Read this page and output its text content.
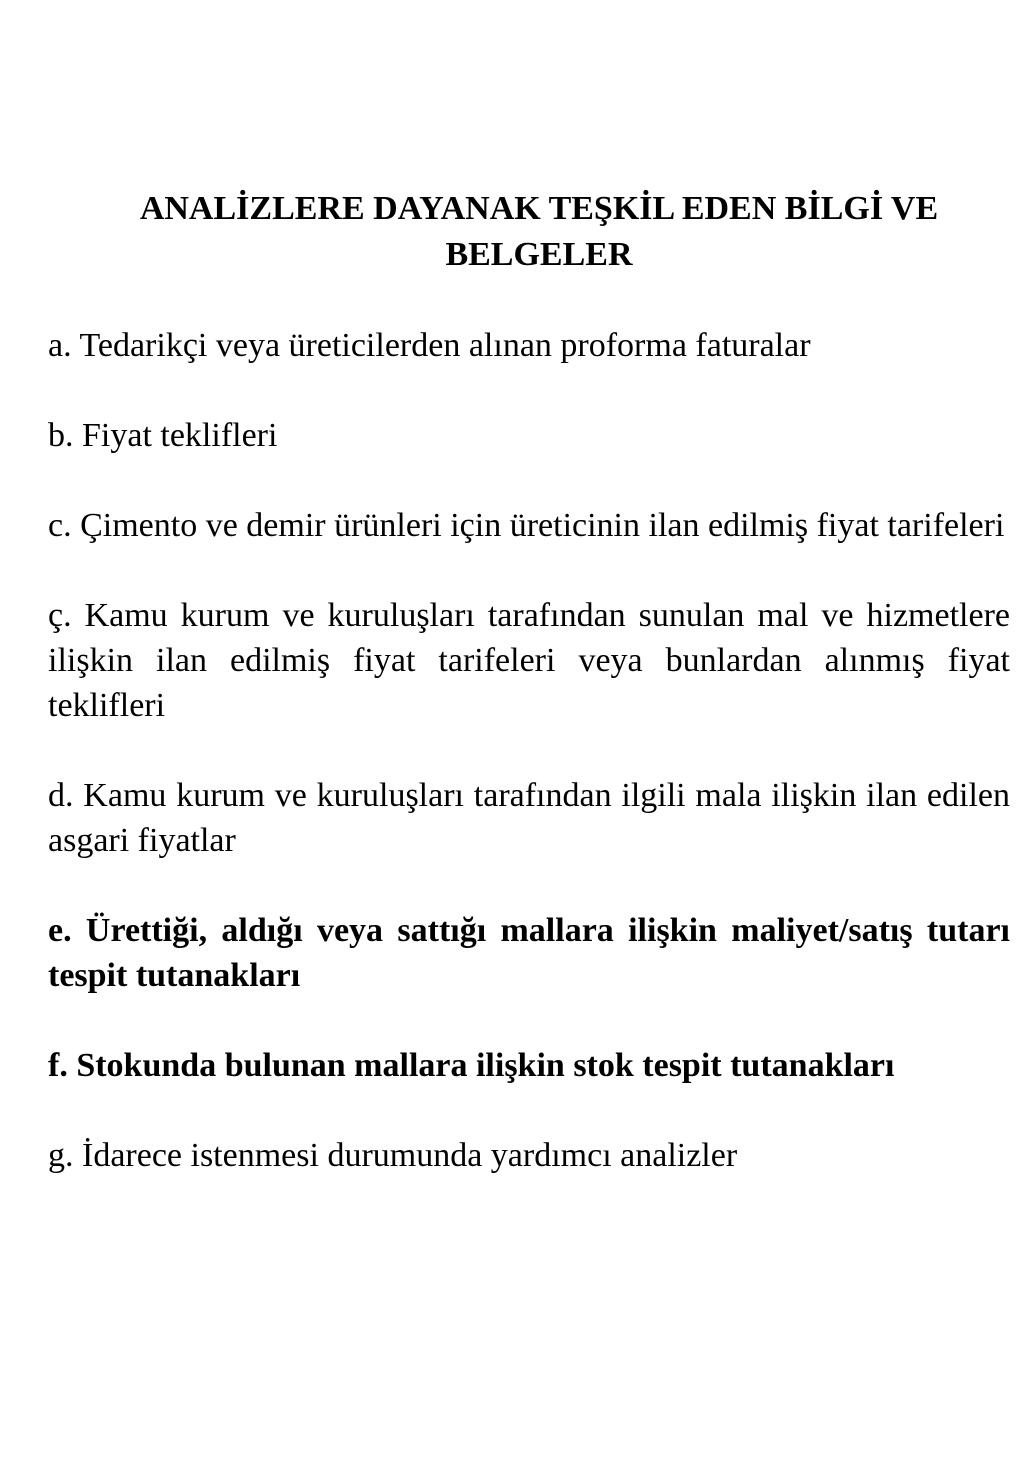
ANALİZLERE DAYANAK TEŞKİL EDEN BİLGİ VE BELGELER

a. Tedarikçi veya üreticilerden alınan proforma faturalar

b. Fiyat teklifleri

c. Çimento ve demir ürünleri için üreticinin ilan edilmiş fiyat tarifeleri

ç. Kamu kurum ve kuruluşları tarafından sunulan mal ve hizmetlere ilişkin ilan edilmiş fiyat tarifeleri veya bunlardan alınmış fiyat teklifleri

d. Kamu kurum ve kuruluşları tarafından ilgili mala ilişkin ilan edilen asgari fiyatlar

e. Ürettiği, aldığı veya sattığı mallara ilişkin maliyet/satış tutarı tespit tutanakları

f. Stokunda bulunan mallara ilişkin stok tespit tutanakları

g. İdarece istenmesi durumunda yardımcı analizler
